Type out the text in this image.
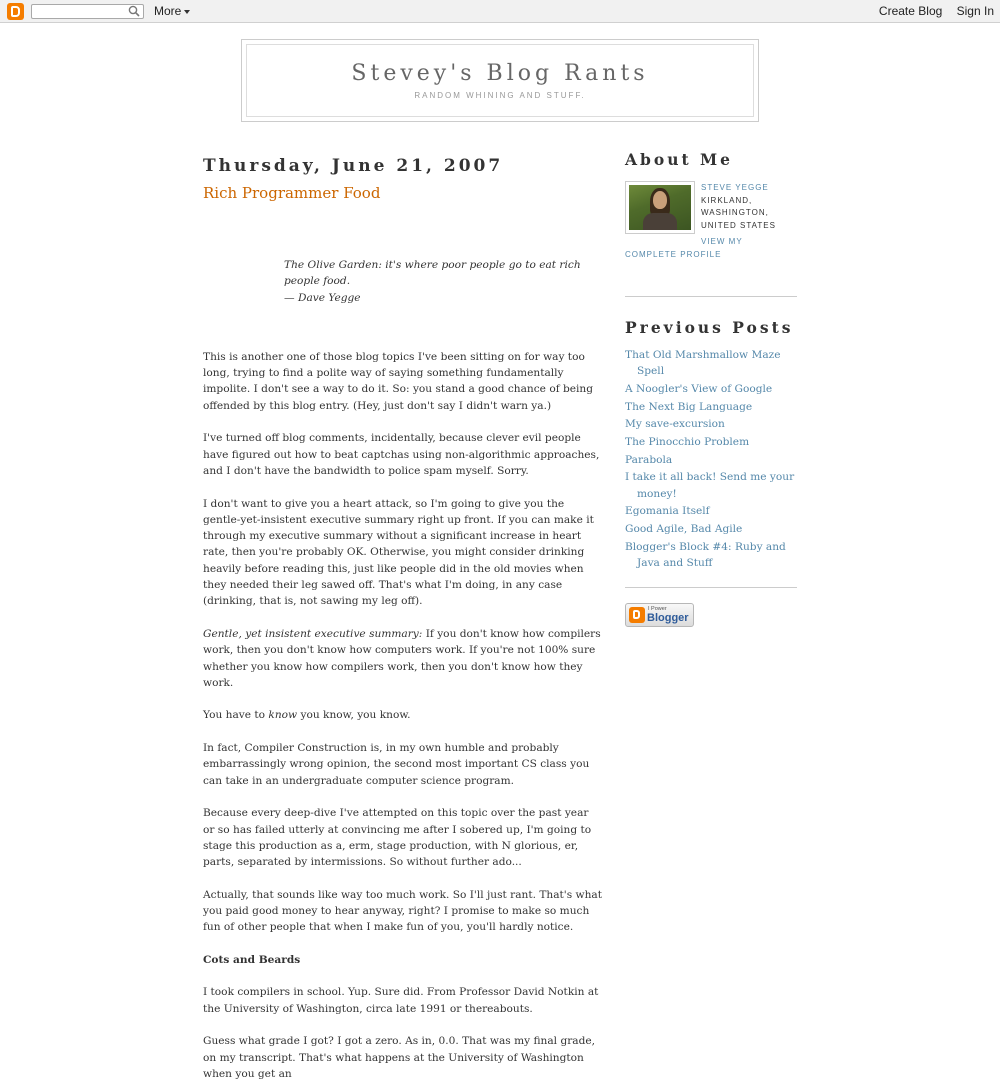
More	Create Blog Sign In
Stevey's Blog Rants
RANDOM WHINING AND STUFF.
Thursday, June 21, 2007
Rich Programmer Food
The Olive Garden: it's where poor people go to eat rich people food.
— Dave Yegge

This is another one of those blog topics I've been sitting on for way too long, trying to find a polite way of saying something fundamentally impolite. I don't see a way to do it. So: you stand a good chance of being offended by this blog entry. (Hey, just don't say I didn't warn ya.)

I've turned off blog comments, incidentally, because clever evil people have figured out how to beat captchas using non-algorithmic approaches, and I don't have the bandwidth to police spam myself. Sorry.

I don't want to give you a heart attack, so I'm going to give you the gentle-yet-insistent executive summary right up front. If you can make it through my executive summary without a significant increase in heart rate, then you're probably OK. Otherwise, you might consider drinking heavily before reading this, just like people did in the old movies when they needed their leg sawed off. That's what I'm doing, in any case (drinking, that is, not sawing my leg off).

Gentle, yet insistent executive summary: If you don't know how compilers work, then you don't know how computers work. If you're not 100% sure whether you know how compilers work, then you don't know how they work.

You have to know you know, you know.

In fact, Compiler Construction is, in my own humble and probably embarrassingly wrong opinion, the second most important CS class you can take in an undergraduate computer science program.

Because every deep-dive I've attempted on this topic over the past year or so has failed utterly at convincing me after I sobered up, I'm going to stage this production as a, erm, stage production, with N glorious, er, parts, separated by intermissions. So without further ado...

Actually, that sounds like way too much work. So I'll just rant. That's what you paid good money to hear anyway, right? I promise to make so much fun of other people that when I make fun of you, you'll hardly notice.

Cots and Beards

I took compilers in school. Yup. Sure did. From Professor David Notkin at the University of Washington, circa late 1991 or thereabouts.

Guess what grade I got? I got a zero. As in, 0.0. That was my final grade, on my transcript. That's what happens at the University of Washington when you get an

About Me
STEVE YEGGE
KIRKLAND, WASHINGTON, UNITED STATES
VIEW MY COMPLETE PROFILE
Previous Posts
That Old Marshmallow Maze Spell
A Noogler's View of Google
The Next Big Language
My save-excursion
The Pinocchio Problem
Parabola
I take it all back! Send me your money!
Egomania Itself
Good Agile, Bad Agile
Blogger's Block #4: Ruby and Java and Stuff
I Power
Blogger
